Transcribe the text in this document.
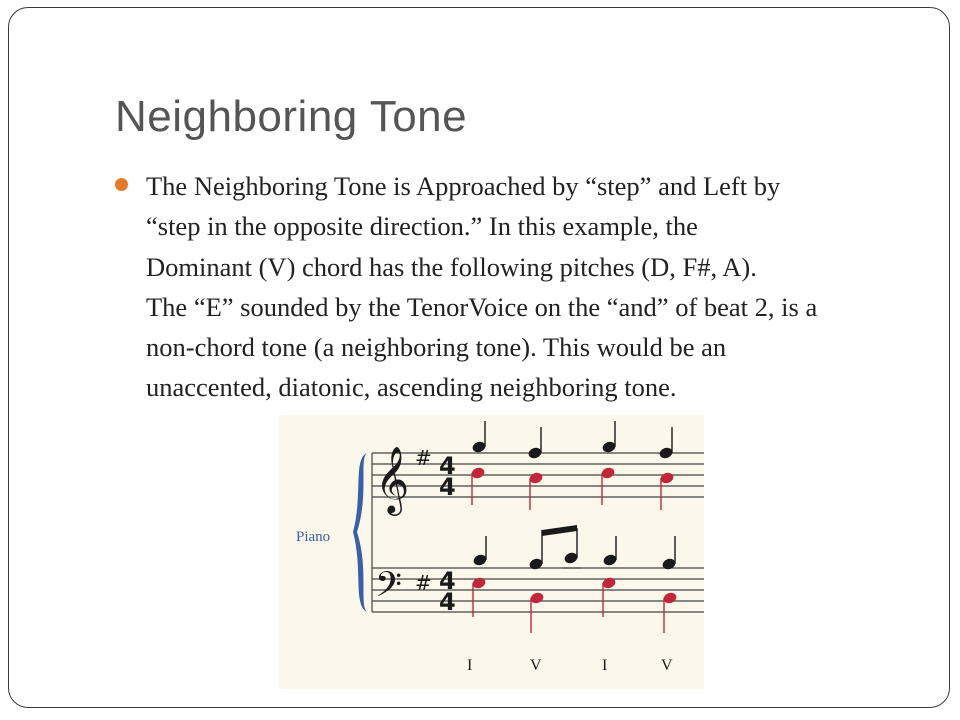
Neighboring Tone
The Neighboring Tone is Approached by “step” and Left by
“step in the opposite direction.” In this example, the
Dominant (V) chord has the following pitches (D, F#, A).
The “E” sounded by the TenorVoice on the “and” of beat 2, is a
non-chord tone (a neighboring tone). This would be an
unaccented, diatonic, ascending neighboring tone.
Piano
𝄞
𝄢
#
#
4
4
4
4
I	V	I	V
